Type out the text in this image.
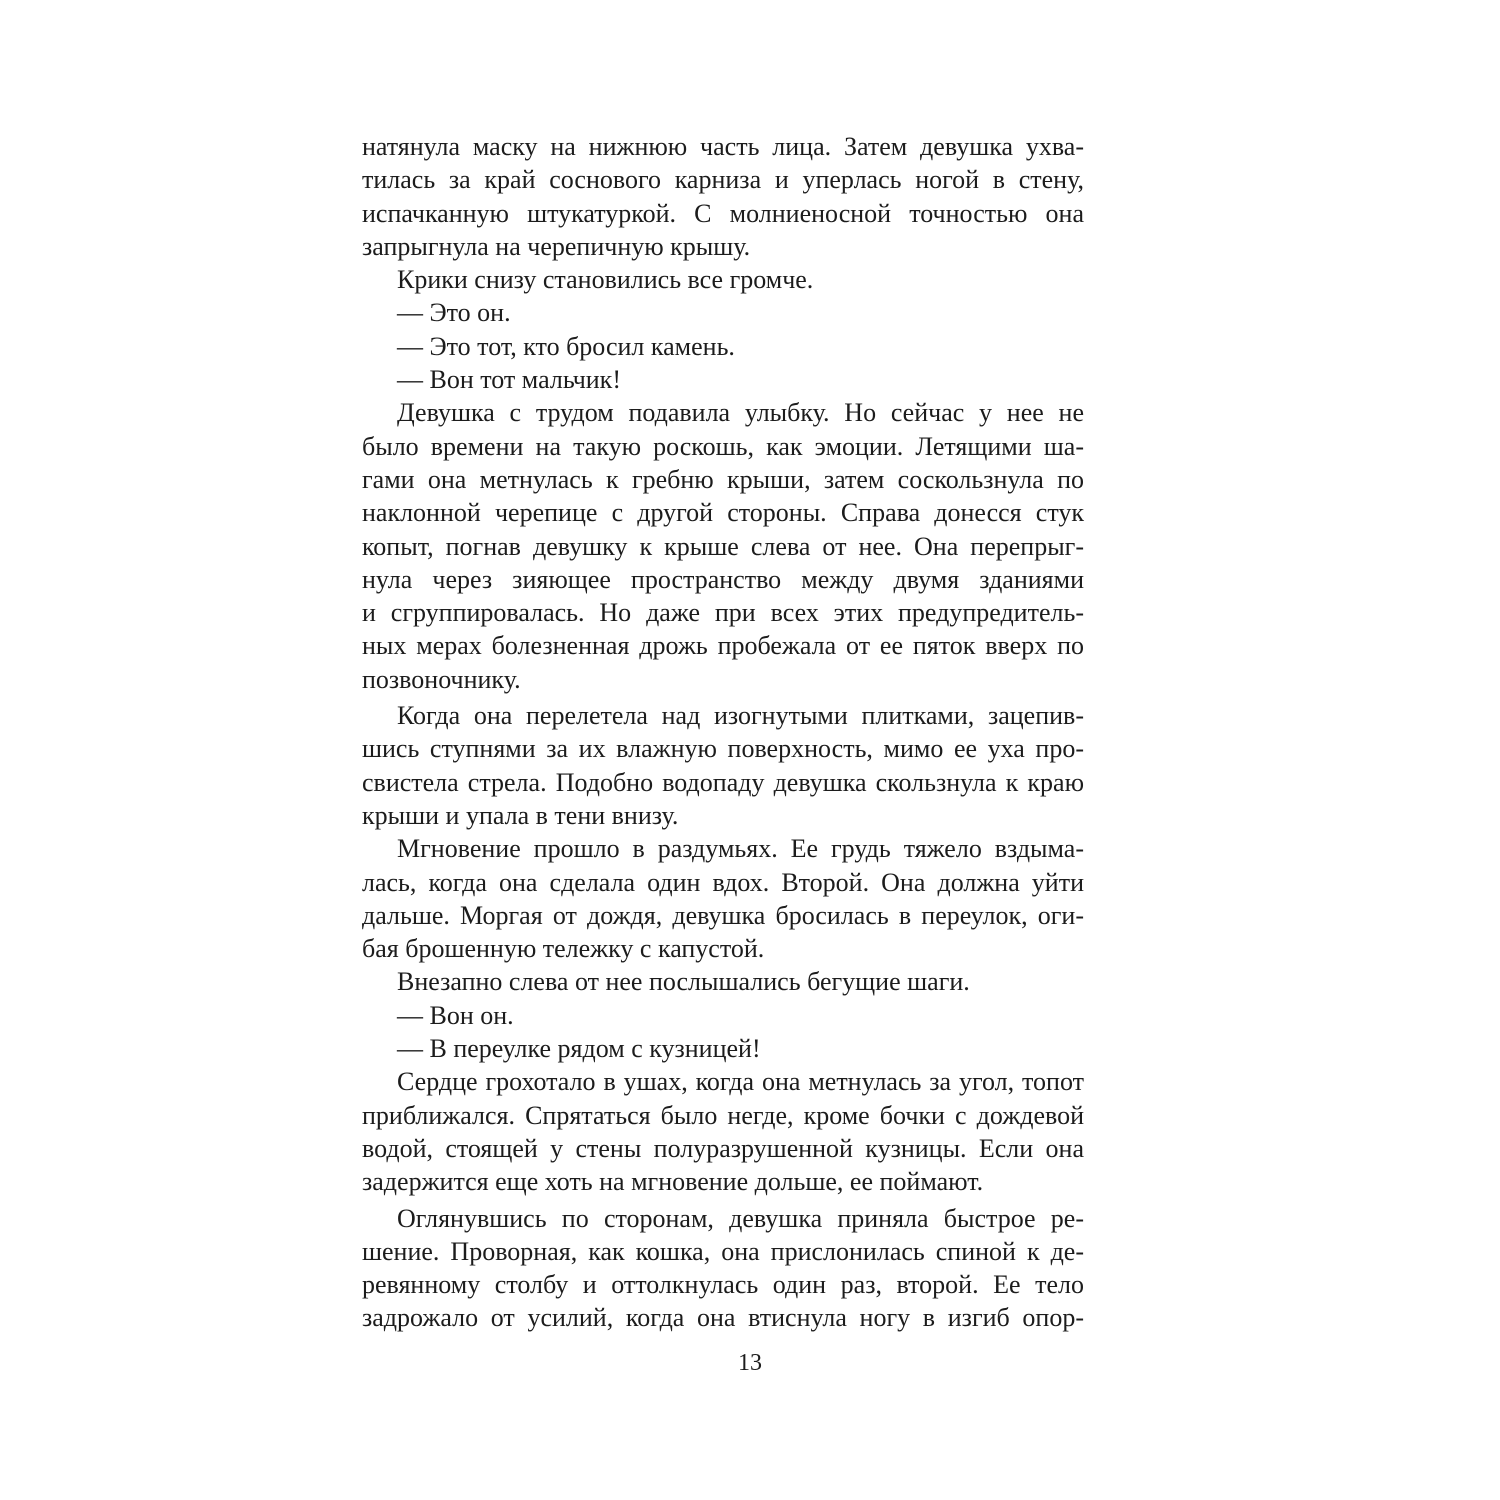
натянула маску на нижнюю часть лица. Затем девушка ухва-
тилась за край соснового карниза и уперлась ногой в стену,
испачканную штукатуркой. С молниеносной точностью она
запрыгнула на черепичную крышу.
Крики снизу становились все громче.
— Это он.
— Это тот, кто бросил камень.
— Вон тот мальчик!
Девушка с трудом подавила улыбку. Но сейчас у нее не
было времени на такую роскошь, как эмоции. Летящими ша-
гами она метнулась к гребню крыши, затем соскользнула по
наклонной черепице с другой стороны. Справа донесся стук
копыт, погнав девушку к крыше слева от нее. Она перепрыг-
нула через зияющее пространство между двумя зданиями
и сгруппировалась. Но даже при всех этих предупредитель-
ных мерах болезненная дрожь пробежала от ее пяток вверх по
позвоночнику.
Когда она перелетела над изогнутыми плитками, зацепив-
шись ступнями за их влажную поверхность, мимо ее уха про-
свистела стрела. Подобно водопаду девушка скользнула к краю
крыши и упала в тени внизу.
Мгновение прошло в раздумьях. Ее грудь тяжело вздыма-
лась, когда она сделала один вдох. Второй. Она должна уйти
дальше. Моргая от дождя, девушка бросилась в переулок, оги-
бая брошенную тележку с капустой.
Внезапно слева от нее послышались бегущие шаги.
— Вон он.
— В переулке рядом с кузницей!
Сердце грохотало в ушах, когда она метнулась за угол, топот
приближался. Спрятаться было негде, кроме бочки с дождевой
водой, стоящей у стены полуразрушенной кузницы. Если она
задержится еще хоть на мгновение дольше, ее поймают.
Оглянувшись по сторонам, девушка приняла быстрое ре-
шение. Проворная, как кошка, она прислонилась спиной к де-
ревянному столбу и оттолкнулась один раз, второй. Ее тело
задрожало от усилий, когда она втиснула ногу в изгиб опор-
13
